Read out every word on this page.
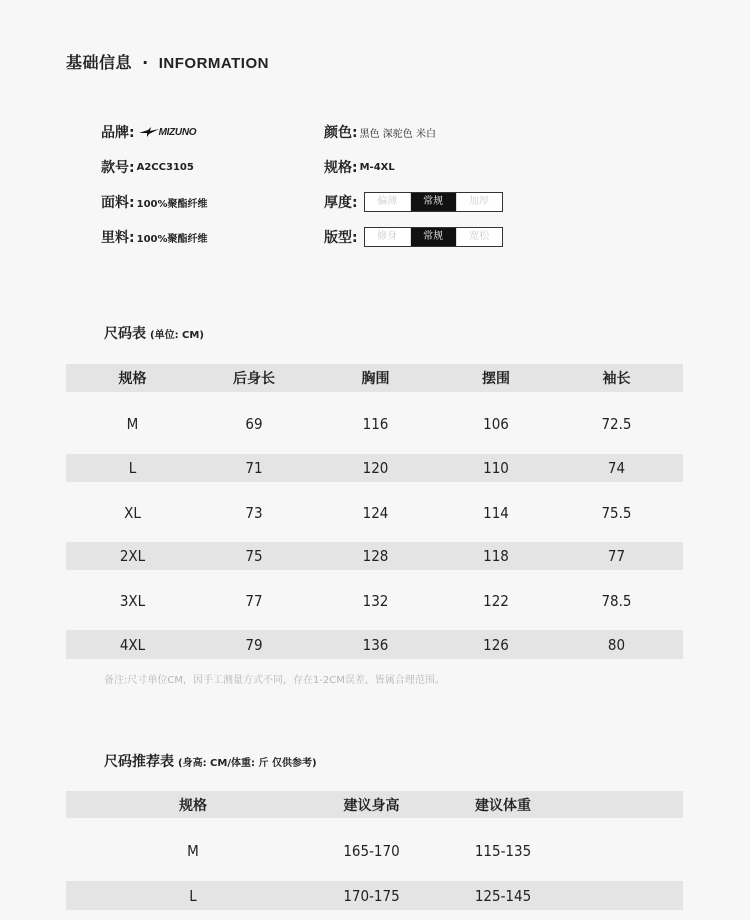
基础信息 · INFORMATION
品牌: MIZUNO
款号: A2CC3105
面料: 100%聚酯纤维
里料: 100%聚酯纤维
颜色: 黑色 深驼色 米白
规格: M-4XL
厚度:	偏薄	常规	加厚
版型:	修身	常规	宽松
尺码表 (单位: CM)
规格	后身长	胸围	摆围	袖长
M	69	116	106	72.5
L	71	120	110	74
XL	73	124	114	75.5
2XL	75	128	118	77
3XL	77	132	122	78.5
4XL	79	136	126	80
备注:尺寸单位CM，因手工测量方式不同，存在1-2CM误差，皆属合理范围。
尺码推荐表 (身高: CM/体重: 斤 仅供参考)
规格	建议身高	建议体重
M	165-170	115-135
L	170-175	125-145
